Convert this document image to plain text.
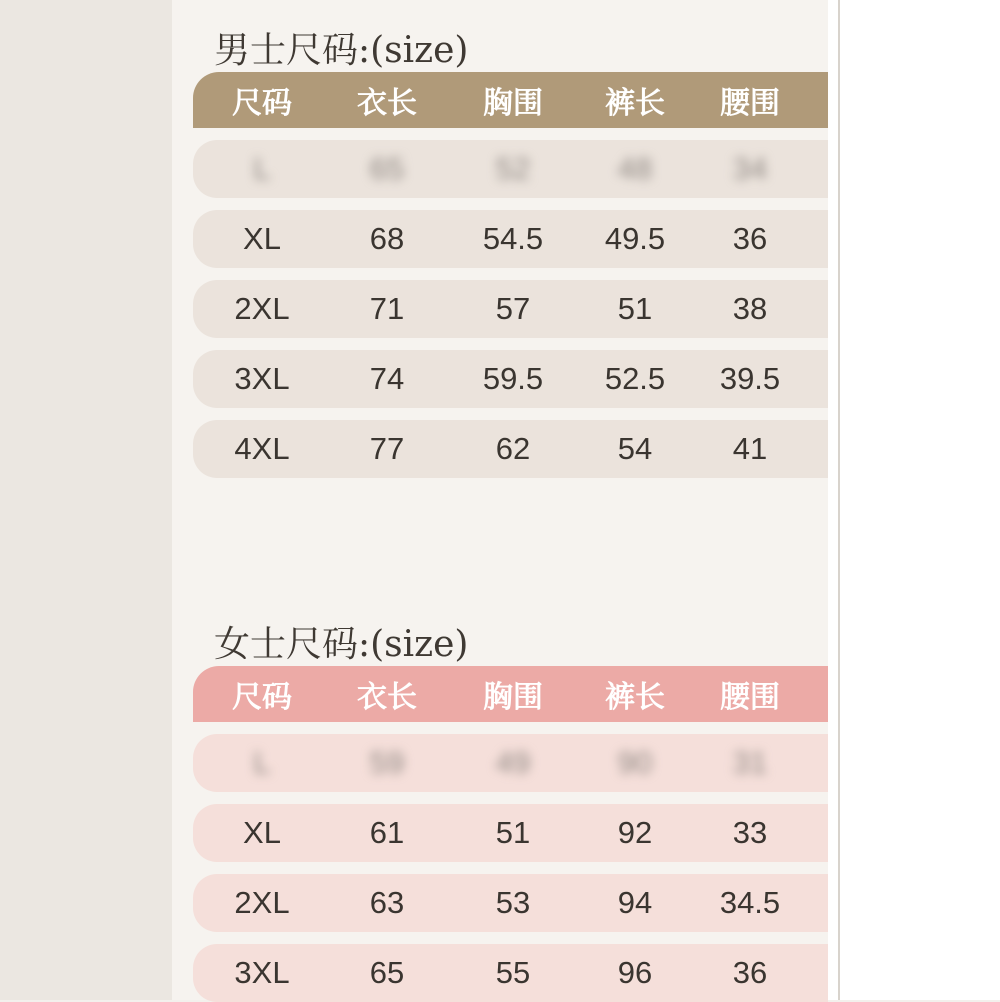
男士尺码:(size)
尺码	衣长	胸围	裤长	腰围
L	65	52	48	34
XL	68	54.5	49.5	36
2XL	71	57	51	38
3XL	74	59.5	52.5	39.5
4XL	77	62	54	41
女士尺码:(size)
尺码	衣长	胸围	裤长	腰围
L	59	49	90	31
XL	61	51	92	33
2XL	63	53	94	34.5
3XL	65	55	96	36
